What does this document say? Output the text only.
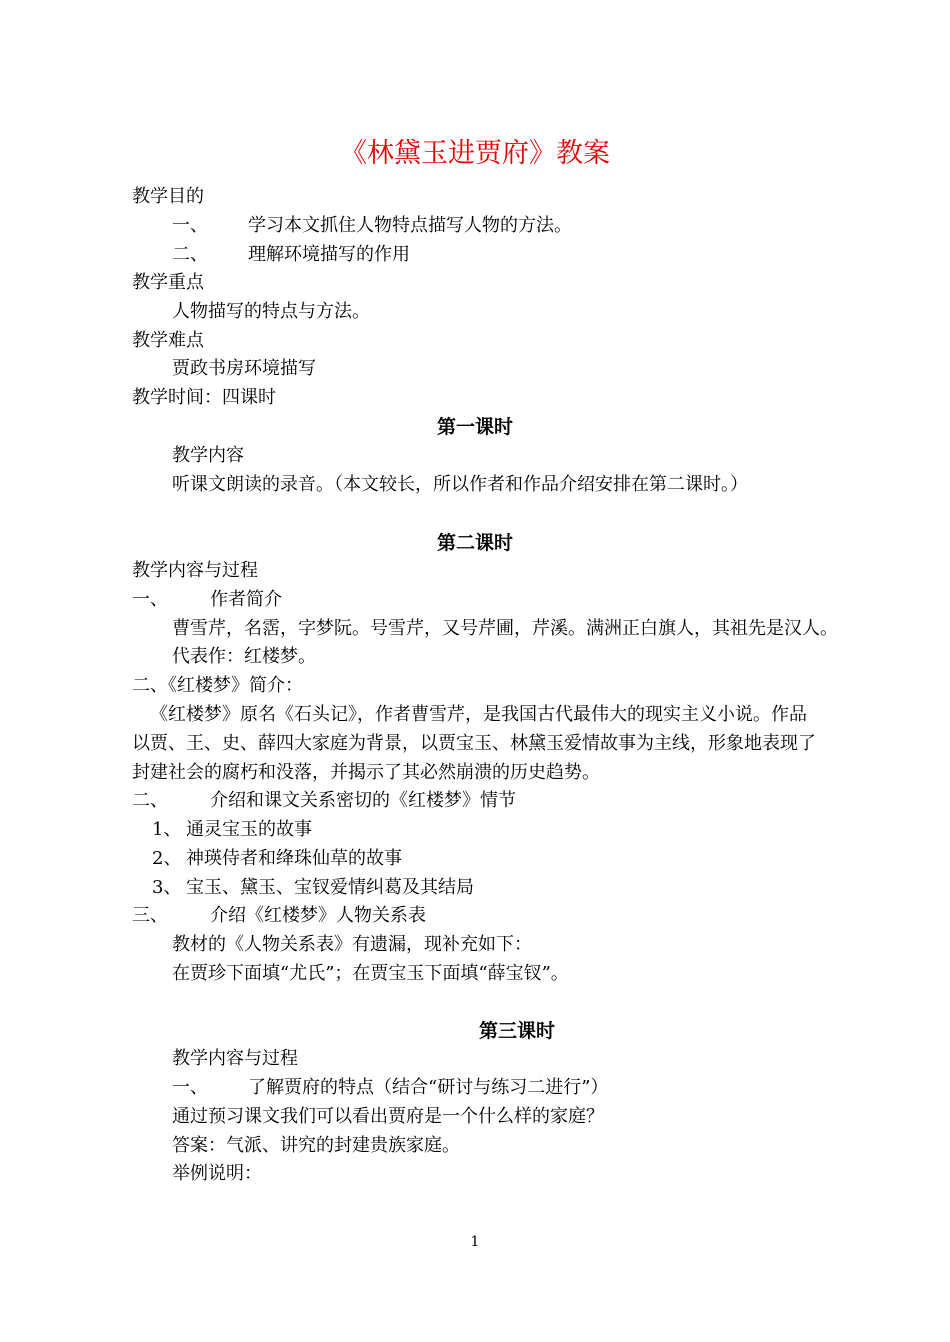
《林黛玉进贾府》教案
教学目的
一、 学习本文抓住人物特点描写人物的方法。
二、 理解环境描写的作用
教学重点
人物描写的特点与方法。
教学难点
贾政书房环境描写
教学时间：四课时
第一课时
教学内容
听课文朗读的录音。（本文较长，所以作者和作品介绍安排在第二课时。）
第二课时
教学内容与过程
一、 作者简介
曹雪芹，名霑，字梦阮。号雪芹，又号芹圃，芹溪。满洲正白旗人，其祖先是汉人。
代表作：红楼梦。
二、《红楼梦》简介：
《红楼梦》原名《石头记》，作者曹雪芹，是我国古代最伟大的现实主义小说。作品
以贾、王、史、薛四大家庭为背景，以贾宝玉、林黛玉爱情故事为主线，形象地表现了
封建社会的腐朽和没落，并揭示了其必然崩溃的历史趋势。
二、 介绍和课文关系密切的《红楼梦》情节
1、 通灵宝玉的故事
2、 神瑛侍者和绛珠仙草的故事
3、 宝玉、黛玉、宝钗爱情纠葛及其结局
三、 介绍《红楼梦》人物关系表
教材的《人物关系表》有遗漏，现补充如下：
在贾珍下面填“尤氏”；在贾宝玉下面填“薛宝钗”。
第三课时
教学内容与过程
一、 了解贾府的特点（结合“研讨与练习二进行”）
通过预习课文我们可以看出贾府是一个什么样的家庭？
答案：气派、讲究的封建贵族家庭。
举例说明：
1
